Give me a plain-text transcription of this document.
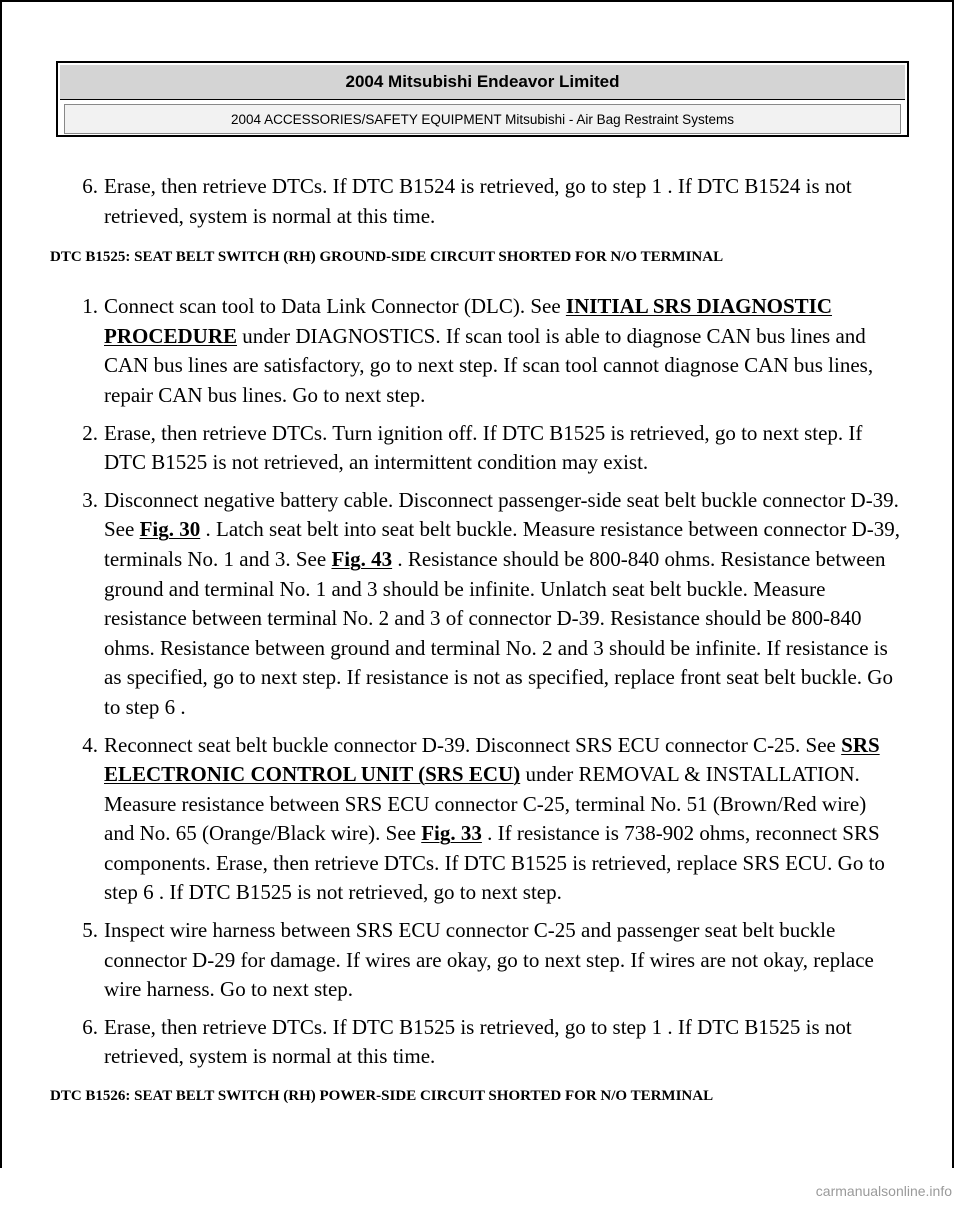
2004 Mitsubishi Endeavor Limited
2004 ACCESSORIES/SAFETY EQUIPMENT Mitsubishi - Air Bag Restraint Systems

6. Erase, then retrieve DTCs. If DTC B1524 is retrieved, go to step 1 . If DTC B1524 is not retrieved, system is normal at this time.

DTC B1525: SEAT BELT SWITCH (RH) GROUND-SIDE CIRCUIT SHORTED FOR N/O TERMINAL

1. Connect scan tool to Data Link Connector (DLC). See INITIAL SRS DIAGNOSTIC PROCEDURE under DIAGNOSTICS. If scan tool is able to diagnose CAN bus lines and CAN bus lines are satisfactory, go to next step. If scan tool cannot diagnose CAN bus lines, repair CAN bus lines. Go to next step.

2. Erase, then retrieve DTCs. Turn ignition off. If DTC B1525 is retrieved, go to next step. If DTC B1525 is not retrieved, an intermittent condition may exist.

3. Disconnect negative battery cable. Disconnect passenger-side seat belt buckle connector D-39. See Fig. 30 . Latch seat belt into seat belt buckle. Measure resistance between connector D-39, terminals No. 1 and 3. See Fig. 43 . Resistance should be 800-840 ohms. Resistance between ground and terminal No. 1 and 3 should be infinite. Unlatch seat belt buckle. Measure resistance between terminal No. 2 and 3 of connector D-39. Resistance should be 800-840 ohms. Resistance between ground and terminal No. 2 and 3 should be infinite. If resistance is as specified, go to next step. If resistance is not as specified, replace front seat belt buckle. Go to step 6 .

4. Reconnect seat belt buckle connector D-39. Disconnect SRS ECU connector C-25. See SRS ELECTRONIC CONTROL UNIT (SRS ECU) under REMOVAL & INSTALLATION. Measure resistance between SRS ECU connector C-25, terminal No. 51 (Brown/Red wire) and No. 65 (Orange/Black wire). See Fig. 33 . If resistance is 738-902 ohms, reconnect SRS components. Erase, then retrieve DTCs. If DTC B1525 is retrieved, replace SRS ECU. Go to step 6 . If DTC B1525 is not retrieved, go to next step.

5. Inspect wire harness between SRS ECU connector C-25 and passenger seat belt buckle connector D-29 for damage. If wires are okay, go to next step. If wires are not okay, replace wire harness. Go to next step.

6. Erase, then retrieve DTCs. If DTC B1525 is retrieved, go to step 1 . If DTC B1525 is not retrieved, system is normal at this time.

DTC B1526: SEAT BELT SWITCH (RH) POWER-SIDE CIRCUIT SHORTED FOR N/O TERMINAL

carmanualsonline.info
